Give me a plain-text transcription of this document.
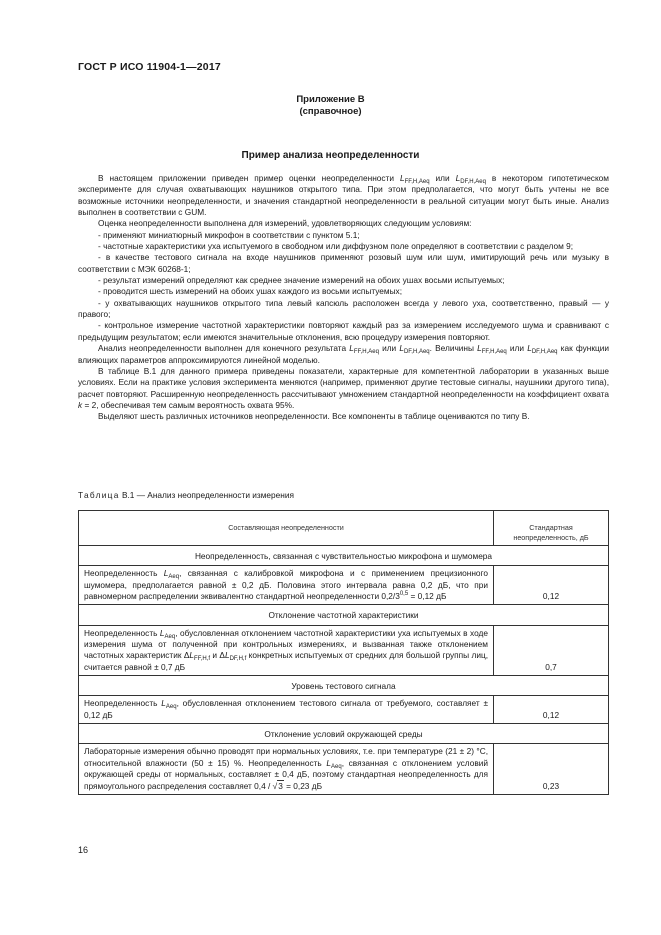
ГОСТ Р ИСО 11904-1—2017
Приложение В
(справочное)
Пример анализа неопределенности

В настоящем приложении приведен пример оценки неопределенности $L_{FF,H,Aeq}$ или $L_{DF,H,Aeq}$ в некотором гипотетическом эксперименте для случая охватывающих наушников открытого типа. При этом предполагается, что могут быть учтены не все возможные источники неопределенности, и значения стандартной неопределенности в реальной ситуации могут быть иные. Анализ выполнен в соответствии с GUM.

Оценка неопределенности выполнена для измерений, удовлетворяющих следующим условиям:

- применяют миниатюрный микрофон в соответствии с пунктом 5.1;

- частотные характеристики уха испытуемого в свободном или диффузном поле определяют в соответствии с разделом 9;

- в качестве тестового сигнала на входе наушников применяют розовый шум или шум, имитирующий речь или музыку в соответствии с МЭК 60268-1;

- результат измерений определяют как среднее значение измерений на обоих ушах восьми испытуемых;

- проводится шесть измерений на обоих ушах каждого из восьми испытуемых;

- у охватывающих наушников открытого типа левый капсюль расположен всегда у левого уха, соответственно, правый — у правого;

- контрольное измерение частотной характеристики повторяют каждый раз за измерением исследуемого шума и сравнивают с предыдущим результатом; если имеются значительные отклонения, всю процедуру измерения повторяют.

Анализ неопределенности выполнен для конечного результата $L_{FF,H,Aeq}$ или $L_{DF,H,Aeq}$. Величины $L_{FF,H,Aeq}$ или $L_{DF,H,Aeq}$ как функции влияющих параметров аппроксимируются линейной моделью.

В таблице В.1 для данного примера приведены показатели, характерные для компетентной лаборатории в указанных выше условиях. Если на практике условия эксперимента меняются (например, применяют другие тестовые сигналы, наушники другого типа), расчет повторяют. Расширенную неопределенность рассчитывают умножением стандартной неопределенности на коэффициент охвата k = 2, обеспечивая тем самым вероятность охвата 95%.

Выделяют шесть различных источников неопределенности. Все компоненты в таблице оцениваются по типу В.

Таблица В.1 — Анализ неопределенности измерения
Составляющая неопределенности	Стандартная неопределенность, дБ
Неопределенность, связанная с чувствительностью микрофона и шумомера	
Неопределенность $L_{Aeq}$, связанная с калибровкой микрофона и с применением прецизионного шумомера, предполагается равной ± 0,2 дБ. Половина этого интервала равна 0,2 дБ, что при равномерном распределении эквивалентно стандартной неопределенности $0,2/3^{0,5} = 0,12$ дБ	0,12
Отклонение частотной характеристики	
Неопределенность $L_{Aeq}$, обусловленная отклонением частотной характеристики уха испытуемых в ходе измерения шума от полученной при контрольных измерениях, и вызванная также отклонением частотных характеристик $\Delta L_{FF,H,f}$ и $\Delta L_{DF,H,f}$ конкретных испытуемых от средних для большой группы лиц, считается равной ± 0,7 дБ	0,7
Уровень тестового сигнала	
Неопределенность $L_{Aeq}$, обусловленная отклонением тестового сигнала от требуемого, составляет ± 0,12 дБ	0,12
Отклонение условий окружающей среды	
Лабораторные измерения обычно проводят при нормальных условиях, т.е. при температуре (21 ± 2) °С, относительной влажности (50 ± 15) %. Неопределенность $L_{Aeq}$, связанная с отклонением условий окружающей среды от нормальных, составляет ± 0,4 дБ, поэтому стандартная неопределенность для прямоугольного распределения составляет 0,4 / √3 = 0,23 дБ	0,23
16
